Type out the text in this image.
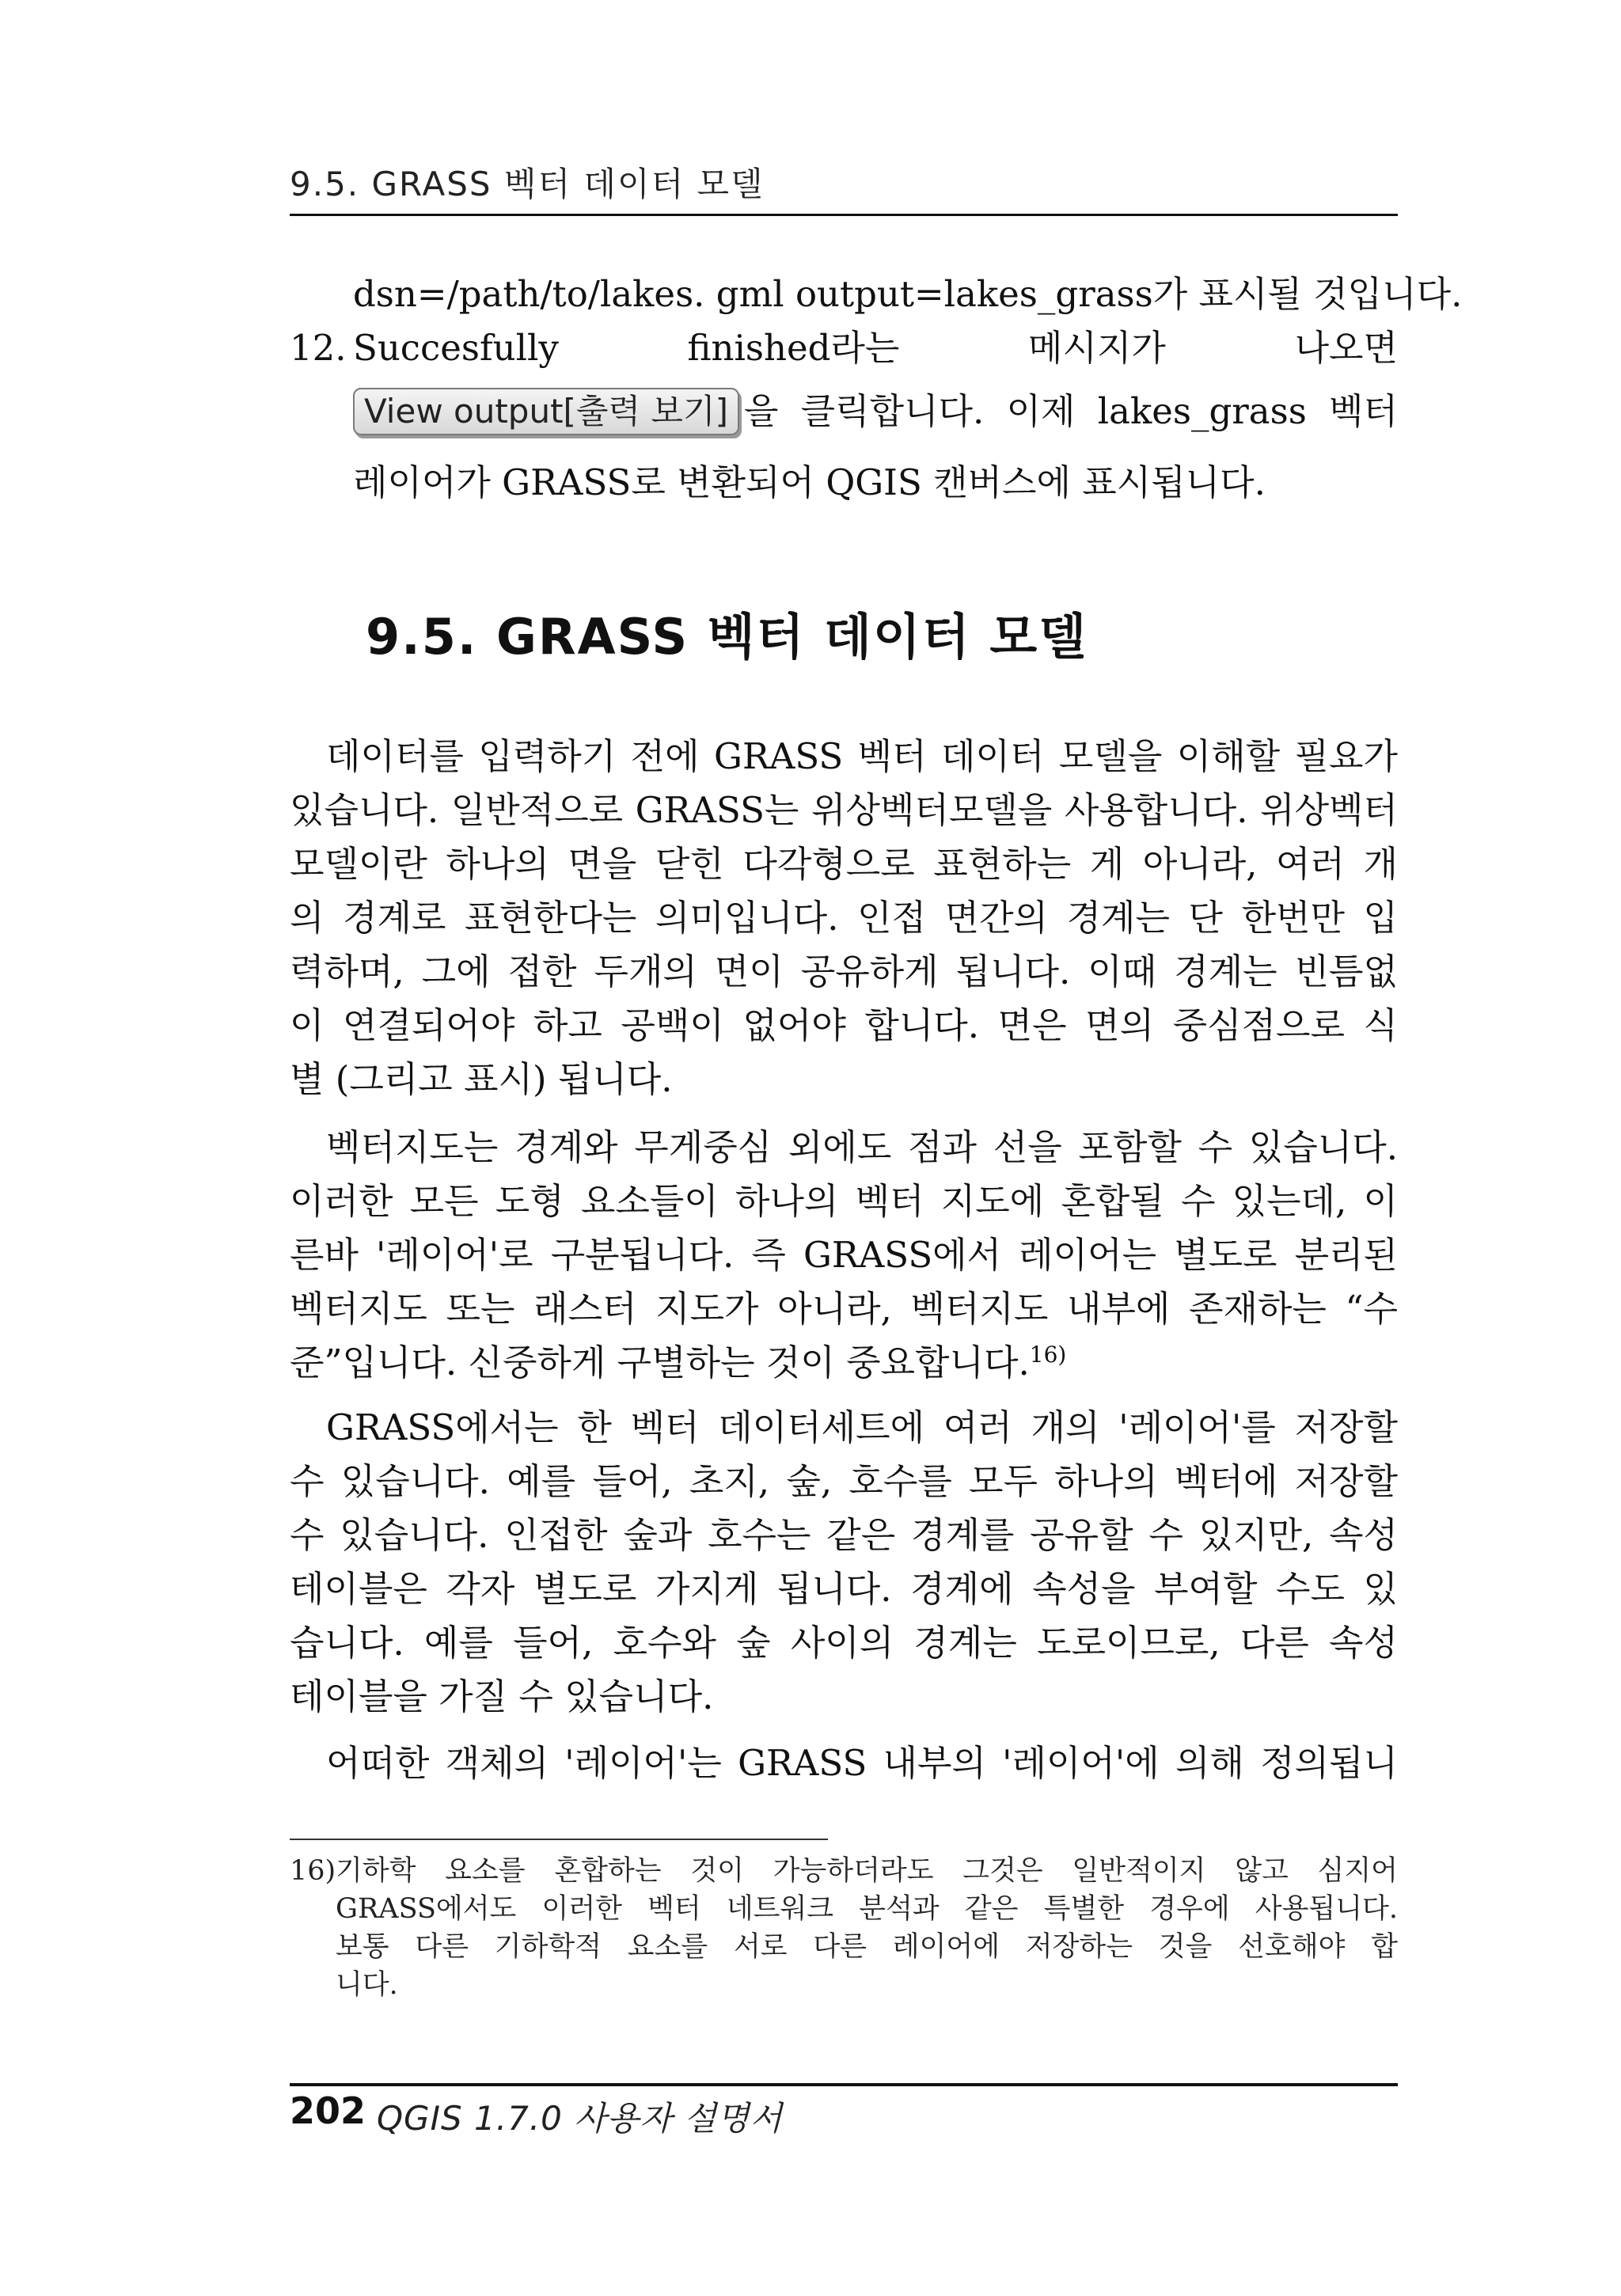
9.5. GRASS 벡터 데이터 모델
dsn=/path/to/lakes. gml output=lakes_grass가 표시될 것입니다.
12. Succesfully finished라는 메시지가 나오면
View output[출력 보기] 을 클릭합니다. 이제 lakes_grass 벡터
레이어가 GRASS로 변환되어 QGIS 캔버스에 표시됩니다.
9.5. GRASS 벡터 데이터 모델
데이터를 입력하기 전에 GRASS 벡터 데이터 모델을 이해할 필요가
있습니다. 일반적으로 GRASS는 위상벡터모델을 사용합니다. 위상벡터
모델이란 하나의 면을 닫힌 다각형으로 표현하는 게 아니라, 여러 개
의 경계로 표현한다는 의미입니다. 인접 면간의 경계는 단 한번만 입
력하며, 그에 접한 두개의 면이 공유하게 됩니다. 이때 경계는 빈틈없
이 연결되어야 하고 공백이 없어야 합니다. 면은 면의 중심점으로 식
별 (그리고 표시) 됩니다.
벡터지도는 경계와 무게중심 외에도 점과 선을 포함할 수 있습니다.
이러한 모든 도형 요소들이 하나의 벡터 지도에 혼합될 수 있는데, 이
른바 '레이어'로 구분됩니다. 즉 GRASS에서 레이어는 별도로 분리된
벡터지도 또는 래스터 지도가 아니라, 벡터지도 내부에 존재하는 “수
준”입니다. 신중하게 구별하는 것이 중요합니다.$^{16)}$
GRASS에서는 한 벡터 데이터세트에 여러 개의 '레이어'를 저장할
수 있습니다. 예를 들어, 초지, 숲, 호수를 모두 하나의 벡터에 저장할
수 있습니다. 인접한 숲과 호수는 같은 경계를 공유할 수 있지만, 속성
테이블은 각자 별도로 가지게 됩니다. 경계에 속성을 부여할 수도 있
습니다. 예를 들어, 호수와 숲 사이의 경계는 도로이므로, 다른 속성
테이블을 가질 수 있습니다.
어떠한 객체의 '레이어'는 GRASS 내부의 '레이어'에 의해 정의됩니
16) 기하학 요소를 혼합하는 것이 가능하더라도 그것은 일반적이지 않고 심지어
GRASS에서도 이러한 벡터 네트워크 분석과 같은 특별한 경우에 사용됩니다.
보통 다른 기하학적 요소를 서로 다른 레이어에 저장하는 것을 선호해야 합
니다.
202 QGIS 1.7.0 사용자 설명서
